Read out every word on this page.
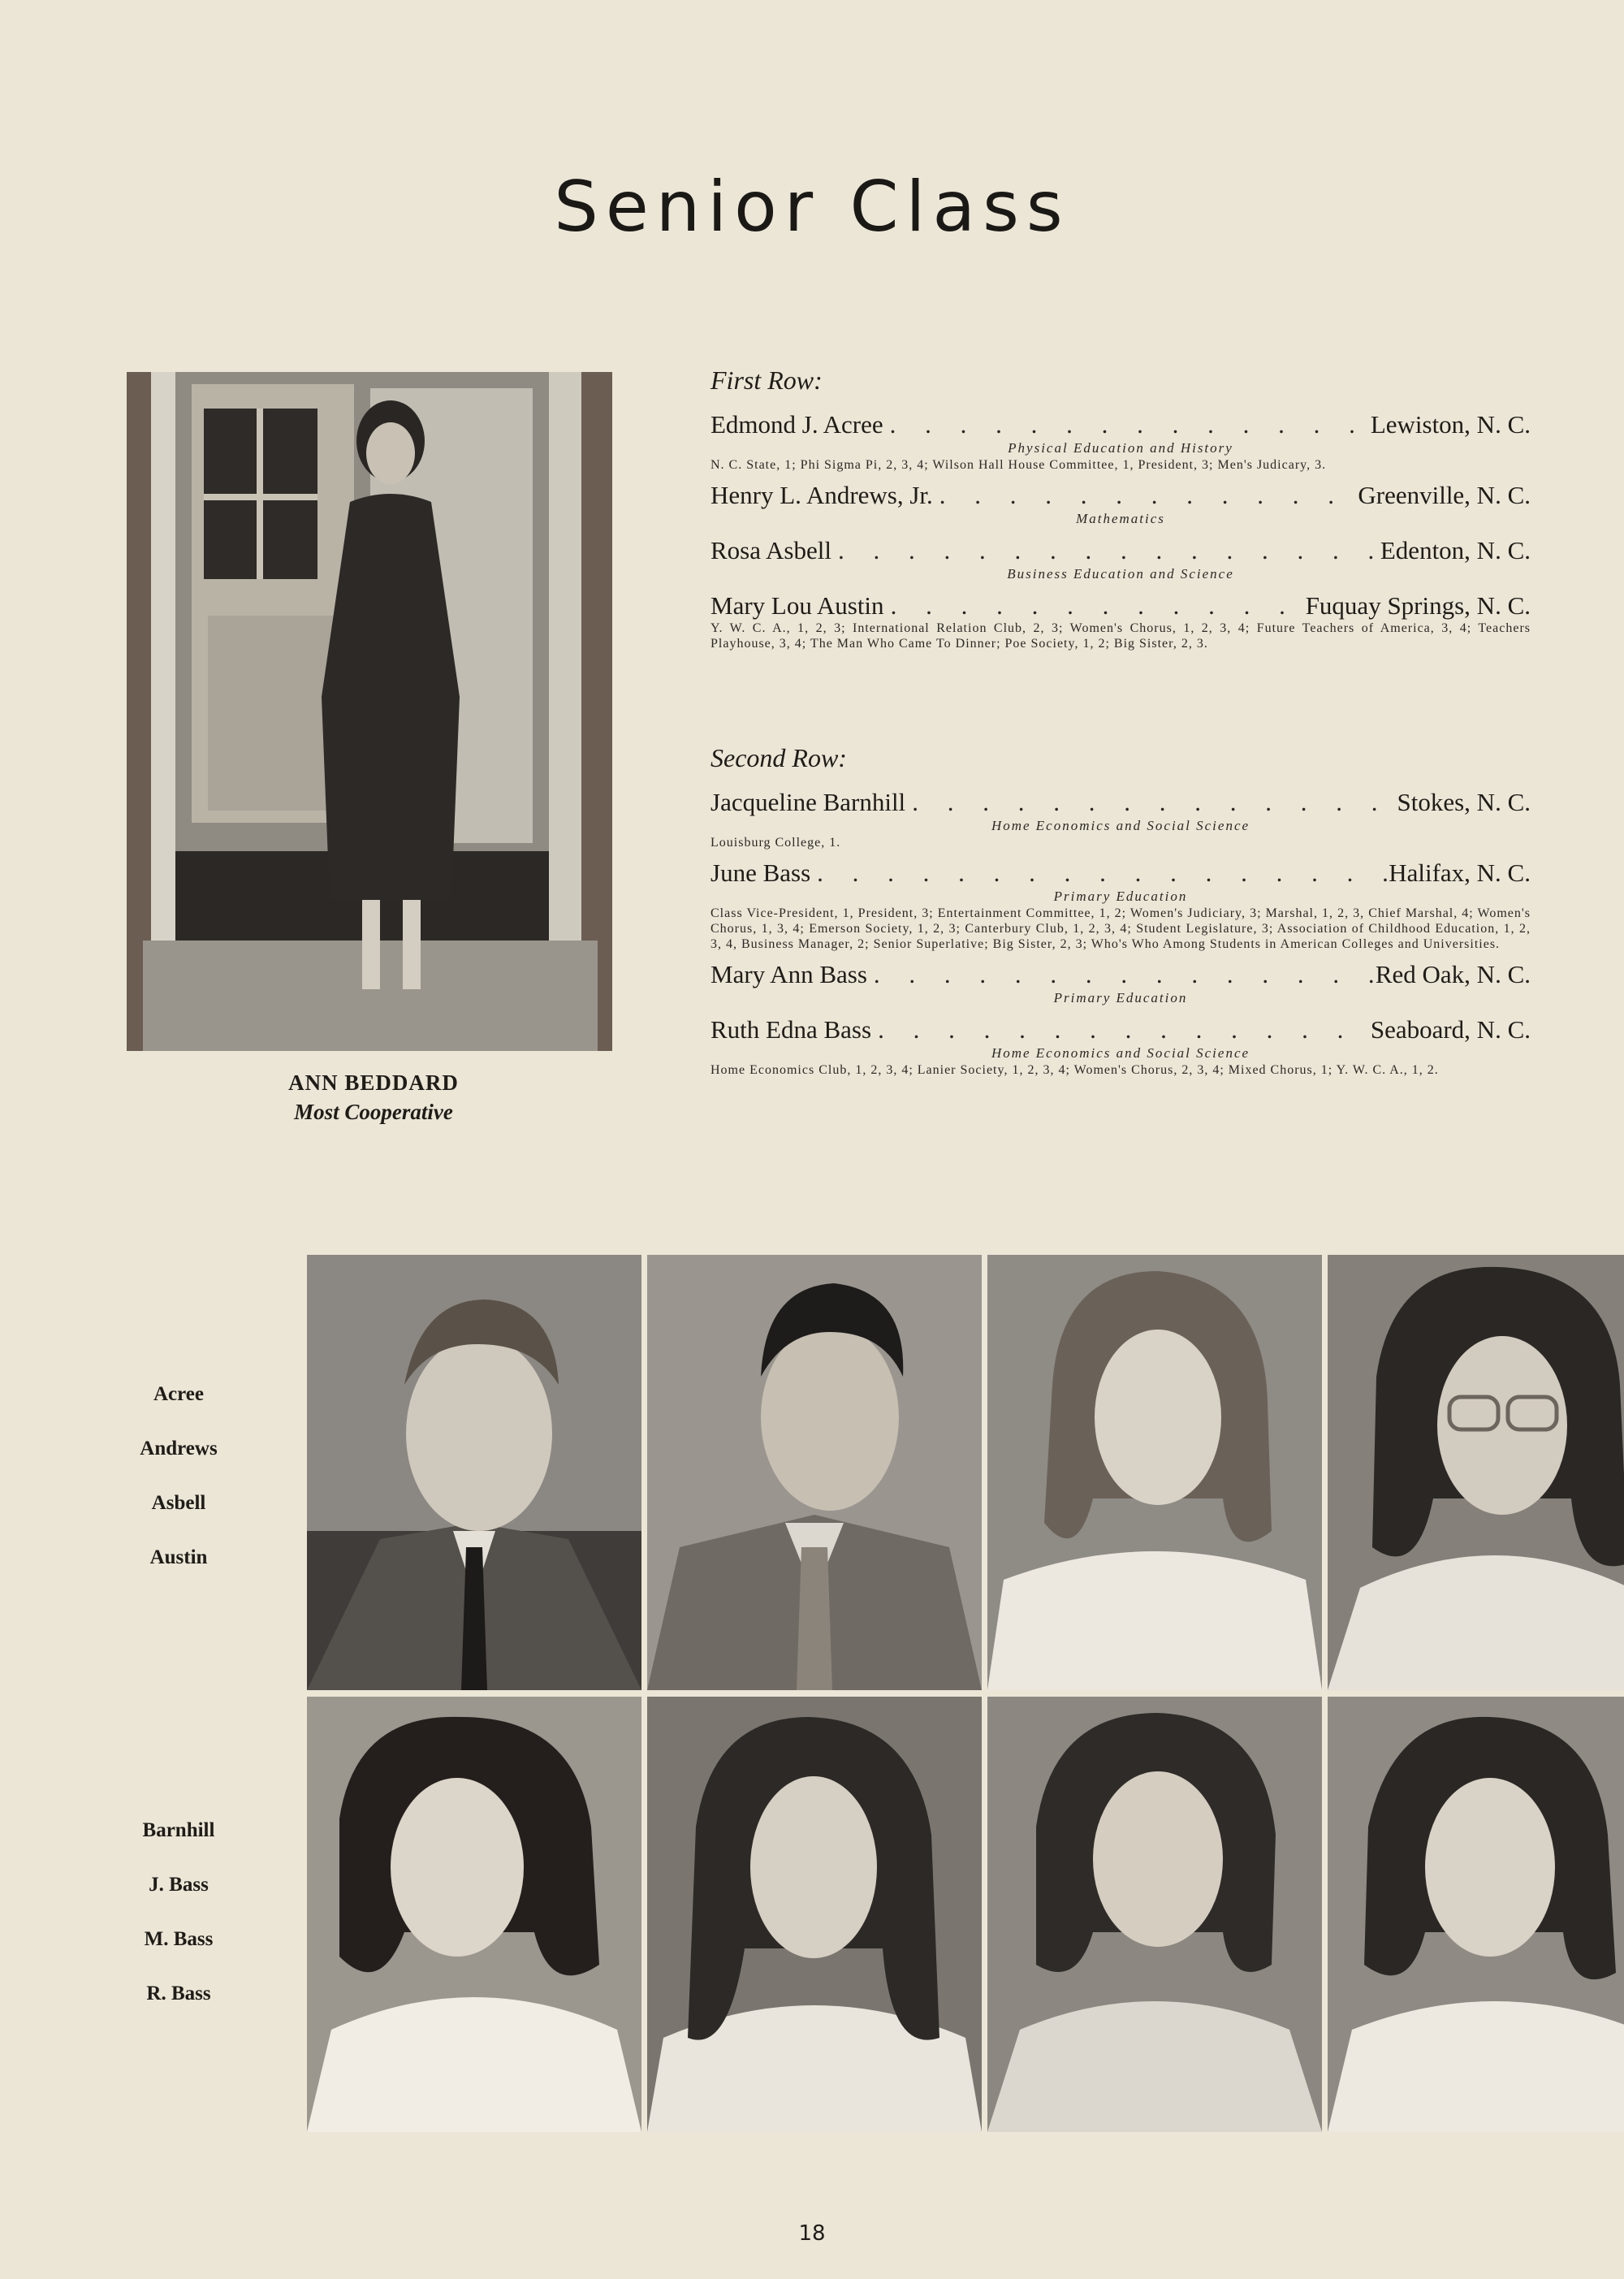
Senior Class
ANN BEDDARD
Most Cooperative
First Row:
Edmond J. Acree . . .	Lewiston, N. C.
Physical Education and History
N. C. State, 1; Phi Sigma Pi, 2, 3, 4; Wilson Hall House Committee, 1, President, 3; Men's Judicary, 3.
Henry L. Andrews, Jr. . . .	Greenville, N. C.
Mathematics
Rosa Asbell . . .	Edenton, N. C.
Business Education and Science
Mary Lou Austin . . .	Fuquay Springs, N. C.
Y. W. C. A., 1, 2, 3; International Relation Club, 2, 3; Women's Chorus, 1, 2, 3, 4; Future Teachers of America, 3, 4; Teachers Playhouse, 3, 4; The Man Who Came To Dinner; Poe Society, 1, 2; Big Sister, 2, 3.
Second Row:
Jacqueline Barnhill . . .	Stokes, N. C.
Home Economics and Social Science
Louisburg College, 1.
June Bass . . .	Halifax, N. C.
Primary Education
Class Vice-President, 1, President, 3; Entertainment Committee, 1, 2; Women's Judiciary, 3; Marshal, 1, 2, 3, Chief Marshal, 4; Women's Chorus, 1, 3, 4; Emerson Society, 1, 2, 3; Canterbury Club, 1, 2, 3, 4; Student Legislature, 3; Association of Childhood Education, 1, 2, 3, 4, Business Manager, 2; Senior Superlative; Big Sister, 2, 3; Who's Who Among Students in American Colleges and Universities.
Mary Ann Bass . . .	Red Oak, N. C.
Primary Education
Ruth Edna Bass . . .	Seaboard, N. C.
Home Economics and Social Science
Home Economics Club, 1, 2, 3, 4; Lanier Society, 1, 2, 3, 4; Women's Chorus, 2, 3, 4; Mixed Chorus, 1; Y. W. C. A., 1, 2.
Acree
Andrews
Asbell
Austin
Barnhill
J. Bass
M. Bass
R. Bass
18
